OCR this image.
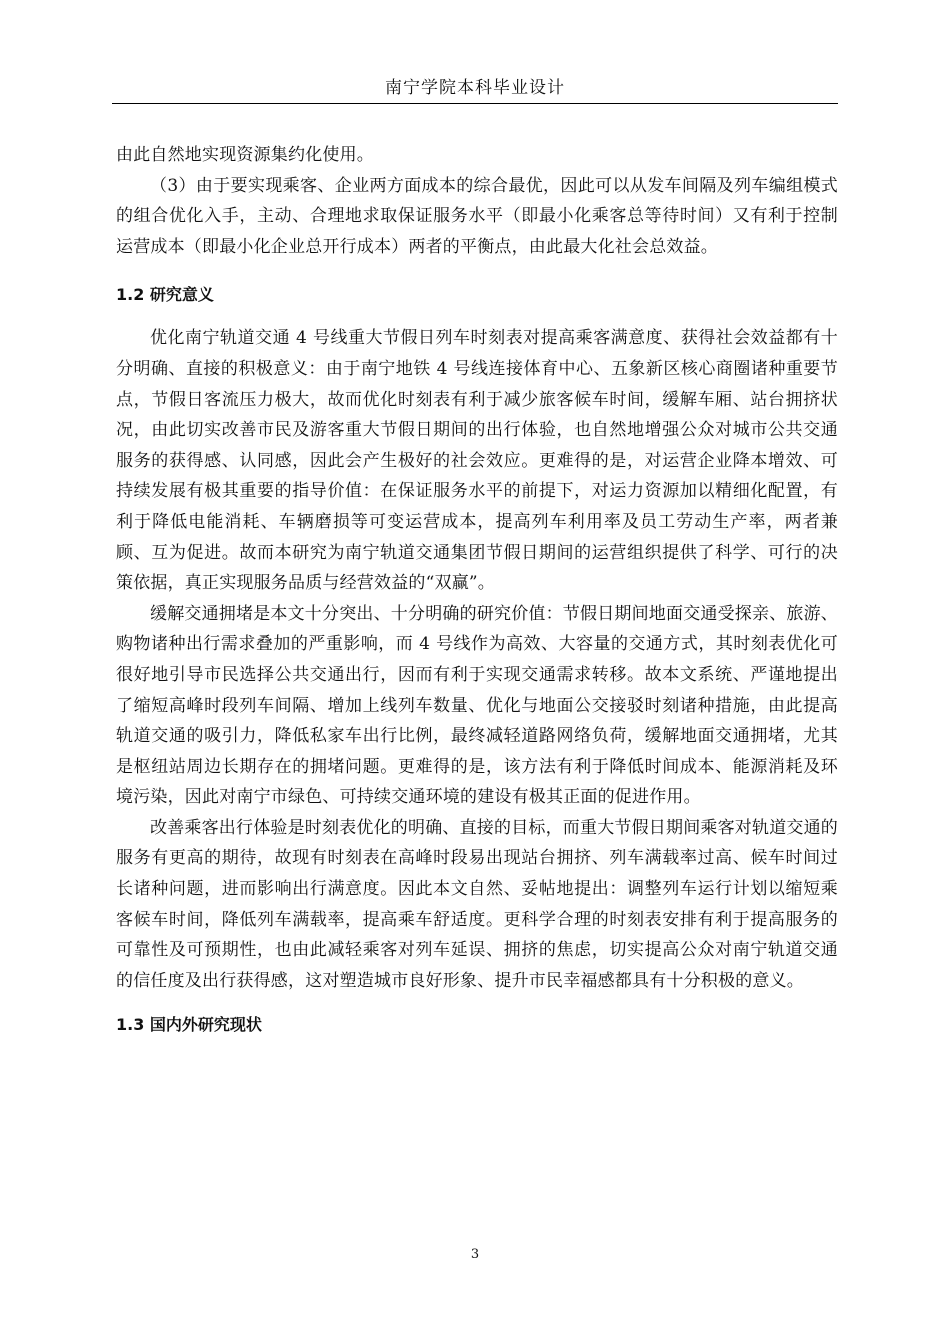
南宁学院本科毕业设计

由此自然地实现资源集约化使用。

（3）由于要实现乘客、企业两方面成本的综合最优，因此可以从发车间隔及列车编组模式的组合优化入手，主动、合理地求取保证服务水平（即最小化乘客总等待时间）又有利于控制运营成本（即最小化企业总开行成本）两者的平衡点，由此最大化社会总效益。

1.2 研究意义

优化南宁轨道交通 4 号线重大节假日列车时刻表对提高乘客满意度、获得社会效益都有十分明确、直接的积极意义：由于南宁地铁 4 号线连接体育中心、五象新区核心商圈诸种重要节点，节假日客流压力极大，故而优化时刻表有利于减少旅客候车时间，缓解车厢、站台拥挤状况，由此切实改善市民及游客重大节假日期间的出行体验，也自然地增强公众对城市公共交通服务的获得感、认同感，因此会产生极好的社会效应。更难得的是，对运营企业降本增效、可持续发展有极其重要的指导价值：在保证服务水平的前提下，对运力资源加以精细化配置，有利于降低电能消耗、车辆磨损等可变运营成本，提高列车利用率及员工劳动生产率，两者兼顾、互为促进。故而本研究为南宁轨道交通集团节假日期间的运营组织提供了科学、可行的决策依据，真正实现服务品质与经营效益的“双赢”。

缓解交通拥堵是本文十分突出、十分明确的研究价值：节假日期间地面交通受探亲、旅游、购物诸种出行需求叠加的严重影响，而 4 号线作为高效、大容量的交通方式，其时刻表优化可很好地引导市民选择公共交通出行，因而有利于实现交通需求转移。故本文系统、严谨地提出了缩短高峰时段列车间隔、增加上线列车数量、优化与地面公交接驳时刻诸种措施，由此提高轨道交通的吸引力，降低私家车出行比例，最终减轻道路网络负荷，缓解地面交通拥堵，尤其是枢纽站周边长期存在的拥堵问题。更难得的是，该方法有利于降低时间成本、能源消耗及环境污染，因此对南宁市绿色、可持续交通环境的建设有极其正面的促进作用。

改善乘客出行体验是时刻表优化的明确、直接的目标，而重大节假日期间乘客对轨道交通的服务有更高的期待，故现有时刻表在高峰时段易出现站台拥挤、列车满载率过高、候车时间过长诸种问题，进而影响出行满意度。因此本文自然、妥帖地提出：调整列车运行计划以缩短乘客候车时间，降低列车满载率，提高乘车舒适度。更科学合理的时刻表安排有利于提高服务的可靠性及可预期性，也由此减轻乘客对列车延误、拥挤的焦虑，切实提高公众对南宁轨道交通的信任度及出行获得感，这对塑造城市良好形象、提升市民幸福感都具有十分积极的意义。

1.3 国内外研究现状
3
